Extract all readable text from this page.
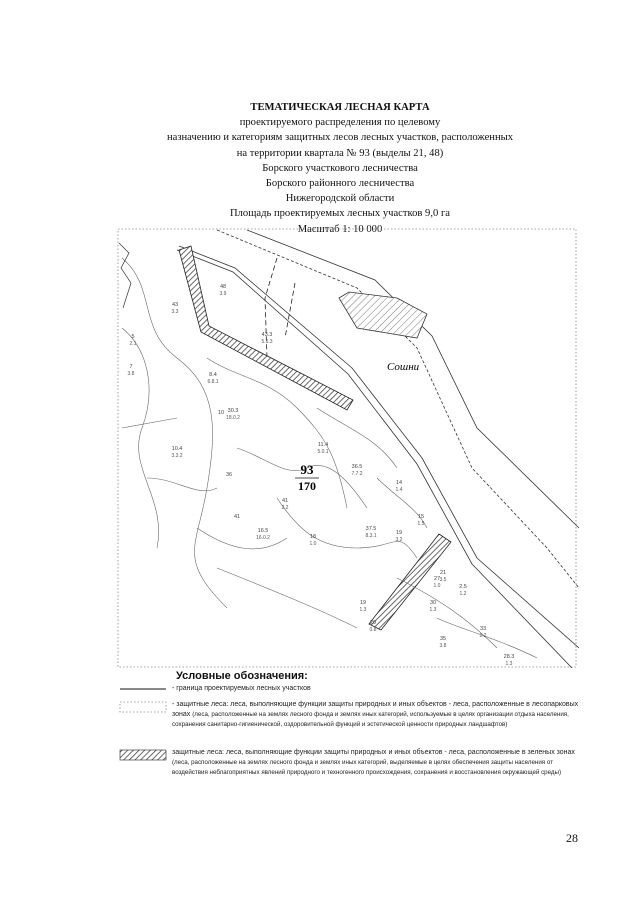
ТЕМАТИЧЕСКАЯ ЛЕСНАЯ КАРТА
проектируемого распределения по целевому
назначению и категориям защитных лесов лесных участков, расположенных
на территории квартала № 93 (выделы 21, 48)
Борского участкового лесничества
Борского районного лесничества
Нижегородской области
Площадь проектируемых лесных участков 9,0 га
Масштаб 1: 10 000
Сошни
93
170
48
3.9
43
3.3
5
2.1
7
3.8
43.3
5.5.3
8.4
6.8.1
10 30.3
18.0.2
10.4
3.3.2
11.4
5.0.1
36
36.5
7.7.2
14
1.4
41
2.2
41	15
1.5
16.5
16.0.2	18
1.0
37.5
8.3.1	19
3.2
21
3.5
27
1.0
19
1.3
20
0.8
30
1.3
35
3.8
28.3
1.3
33
2.2
2.5
1.2
Условные обозначения:
- граница проектируемых лесных участков
- защитные леса: леса, выполняющие функции защиты природных и иных объектов - леса, расположенные в лесопарковых зонах (леса, расположенные на землях лесного фонда и землях иных категорий, используемые в целях организации отдыха населения, сохранения санитарно-гигиенической, оздоровительной функций и эстетической ценности природных ландшафтов)
защитные леса: леса, выполняющие функции защиты природных и иных объектов - леса, расположенные в зеленых зонах (леса, расположенные на землях лесного фонда и землях иных категорий, выделяемые в целях обеспечения защиты населения от воздействия неблагоприятных явлений природного и техногенного происхождения, сохранения и восстановления окружающей среды)
28
